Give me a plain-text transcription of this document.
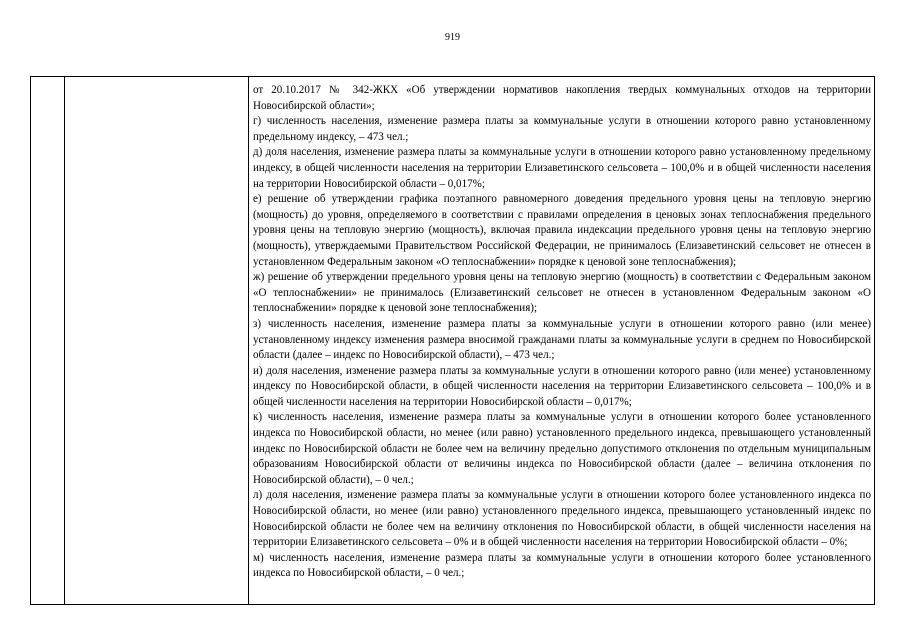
919

от 20.10.2017 № 342-ЖКХ «Об утверждении нормативов накопления твердых коммунальных отходов на территории Новосибирской области»;

г) численность населения, изменение размера платы за коммунальные услуги в отношении которого равно установленному предельному индексу, – 473 чел.;

д) доля населения, изменение размера платы за коммунальные услуги в отношении которого равно установленному предельному индексу, в общей численности населения на территории Елизаветинского сельсовета – 100,0% и в общей численности населения на территории Новосибирской области – 0,017%;

е) решение об утверждении графика поэтапного равномерного доведения предельного уровня цены на тепловую энергию (мощность) до уровня, определяемого в соответствии с правилами определения в ценовых зонах теплоснабжения предельного уровня цены на тепловую энергию (мощность), включая правила индексации предельного уровня цены на тепловую энергию (мощность), утверждаемыми Правительством Российской Федерации, не принималось (Елизаветинский сельсовет не отнесен в установленном Федеральным законом «О теплоснабжении» порядке к ценовой зоне теплоснабжения);

ж) решение об утверждении предельного уровня цены на тепловую энергию (мощность) в соответствии с Федеральным законом «О теплоснабжении» не принималось (Елизаветинский сельсовет не отнесен в установленном Федеральным законом «О теплоснабжении» порядке к ценовой зоне теплоснабжения);

з) численность населения, изменение размера платы за коммунальные услуги в отношении которого равно (или менее) установленному индексу изменения размера вносимой гражданами платы за коммунальные услуги в среднем по Новосибирской области (далее – индекс по Новосибирской области), – 473 чел.;

и) доля населения, изменение размера платы за коммунальные услуги в отношении которого равно (или менее) установленному индексу по Новосибирской области, в общей численности населения на территории Елизаветинского сельсовета – 100,0% и в общей численности населения на территории Новосибирской области – 0,017%;

к) численность населения, изменение размера платы за коммунальные услуги в отношении которого более установленного индекса по Новосибирской области, но менее (или равно) установленного предельного индекса, превышающего установленный индекс по Новосибирской области не более чем на величину предельно допустимого отклонения по отдельным муниципальным образованиям Новосибирской области от величины индекса по Новосибирской области (далее – величина отклонения по Новосибирской области), – 0 чел.;

л) доля населения, изменение размера платы за коммунальные услуги в отношении которого более установленного индекса по Новосибирской области, но менее (или равно) установленного предельного индекса, превышающего установленный индекс по Новосибирской области не более чем на величину отклонения по Новосибирской области, в общей численности населения на территории Елизаветинского сельсовета – 0% и в общей численности населения на территории Новосибирской области – 0%;

м) численность населения, изменение размера платы за коммунальные услуги в отношении которого более установленного индекса по Новосибирской области, – 0 чел.;
